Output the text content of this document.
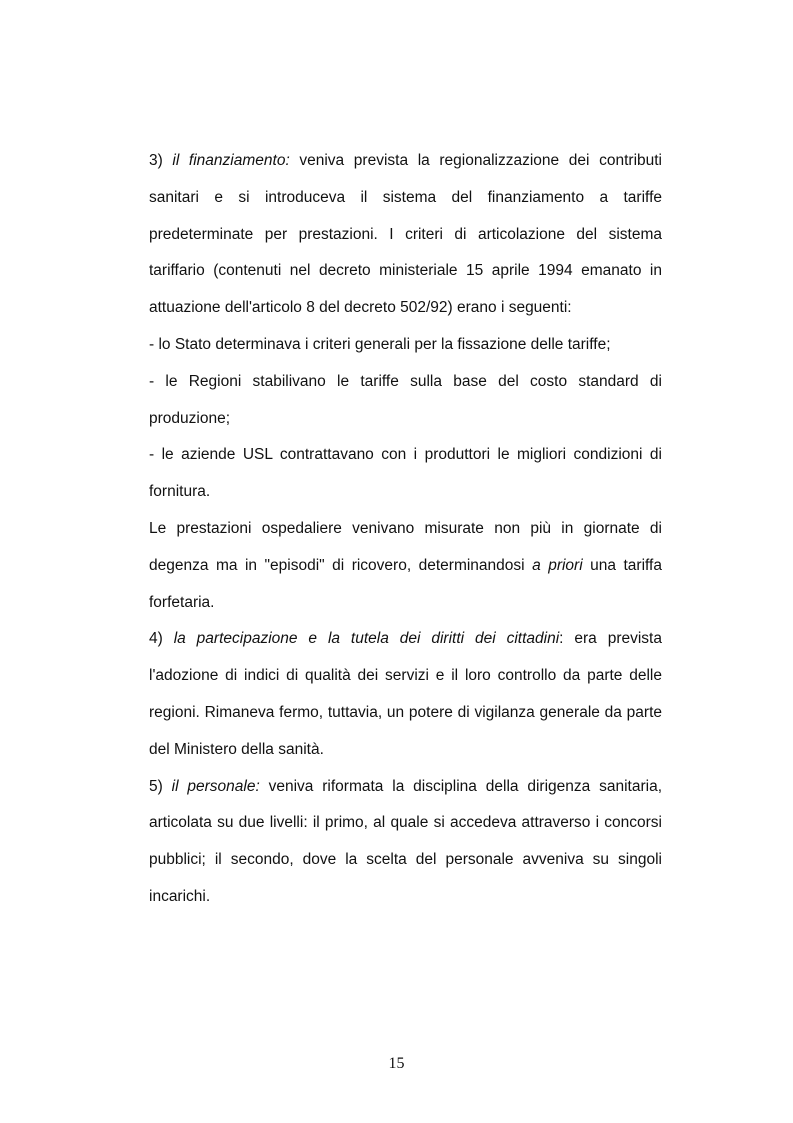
3) il finanziamento: veniva prevista la regionalizzazione dei contributi sanitari e si introduceva il sistema del finanziamento a tariffe predeterminate per prestazioni. I criteri di articolazione del sistema tariffario (contenuti nel decreto ministeriale 15 aprile 1994 emanato in attuazione dell'articolo 8 del decreto 502/92) erano i seguenti:

- lo Stato determinava i criteri generali per la fissazione delle tariffe;

- le Regioni stabilivano le tariffe sulla base del costo standard di produzione;

- le aziende USL contrattavano con i produttori le migliori condizioni di fornitura.

Le prestazioni ospedaliere venivano misurate non più in giornate di degenza ma in "episodi" di ricovero, determinandosi a priori una tariffa forfetaria.

4) la partecipazione e la tutela dei diritti dei cittadini: era prevista l'adozione di indici di qualità dei servizi e il loro controllo da parte delle regioni. Rimaneva fermo, tuttavia, un potere di vigilanza generale da parte del Ministero della sanità.

5) il personale: veniva riformata la disciplina della dirigenza sanitaria, articolata su due livelli: il primo, al quale si accedeva attraverso i concorsi pubblici; il secondo, dove la scelta del personale avveniva su singoli incarichi.

15
